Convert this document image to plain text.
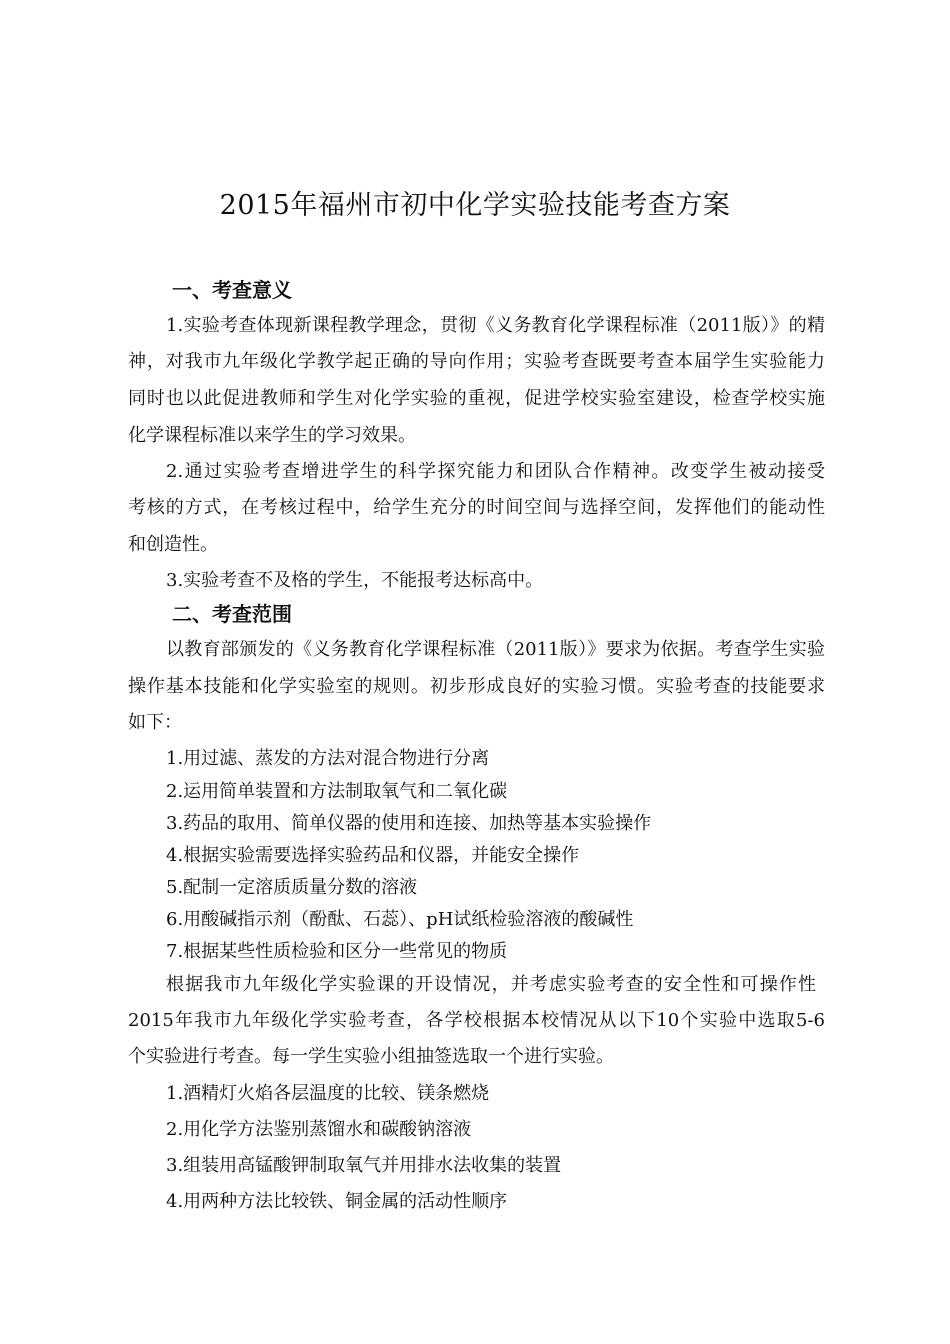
2015年福州市初中化学实验技能考查方案
一、考查意义
1.实验考查体现新课程教学理念，贯彻《义务教育化学课程标准（2011版）》的精
神，对我市九年级化学教学起正确的导向作用；实验考查既要考查本届学生实验能力
同时也以此促进教师和学生对化学实验的重视，促进学校实验室建设，检查学校实施
化学课程标准以来学生的学习效果。
2.通过实验考查增进学生的科学探究能力和团队合作精神。改变学生被动接受
考核的方式，在考核过程中，给学生充分的时间空间与选择空间，发挥他们的能动性
和创造性。
3.实验考查不及格的学生，不能报考达标高中。
二、考查范围
以教育部颁发的《义务教育化学课程标准（2011版）》要求为依据。考查学生实验
操作基本技能和化学实验室的规则。初步形成良好的实验习惯。实验考查的技能要求
如下：
1.用过滤、蒸发的方法对混合物进行分离
2.运用简单装置和方法制取氧气和二氧化碳
3.药品的取用、简单仪器的使用和连接、加热等基本实验操作
4.根据实验需要选择实验药品和仪器，并能安全操作
5.配制一定溶质质量分数的溶液
6.用酸碱指示剂（酚酞、石蕊）、pH试纸检验溶液的酸碱性
7.根据某些性质检验和区分一些常见的物质
根据我市九年级化学实验课的开设情况，并考虑实验考查的安全性和可操作性
2015年我市九年级化学实验考查，各学校根据本校情况从以下10个实验中选取5-6
个实验进行考查。每一学生实验小组抽签选取一个进行实验。
1.酒精灯火焰各层温度的比较、镁条燃烧
2.用化学方法鉴别蒸馏水和碳酸钠溶液
3.组装用高锰酸钾制取氧气并用排水法收集的装置
4.用两种方法比较铁、铜金属的活动性顺序
